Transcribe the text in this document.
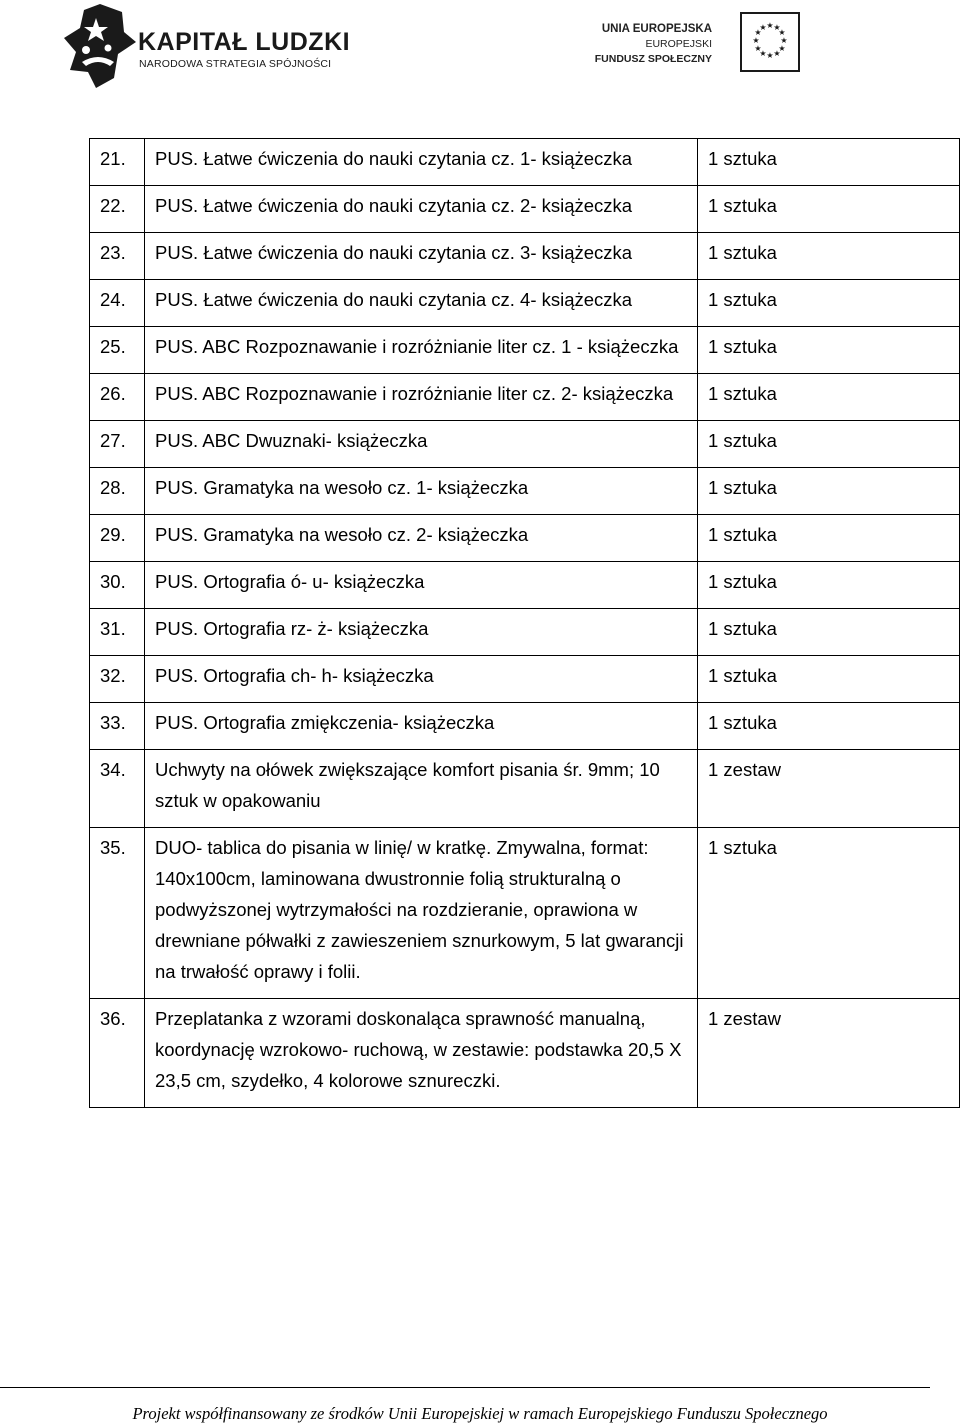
KAPITAŁ LUDZKI
NARODOWA STRATEGIA SPÓJNOŚCI
UNIA EUROPEJSKA
EUROPEJSKI
FUNDUSZ SPOŁECZNY
★ ★
★
★
★
★
★
★
★
★
★
★
21.	PUS. Łatwe ćwiczenia do nauki czytania cz. 1- książeczka	1 sztuka
22.	PUS. Łatwe ćwiczenia do nauki czytania cz. 2- książeczka	1 sztuka
23.	PUS. Łatwe ćwiczenia do nauki czytania cz. 3- książeczka	1 sztuka
24.	PUS. Łatwe ćwiczenia do nauki czytania cz. 4- książeczka	1 sztuka
25.	PUS. ABC Rozpoznawanie i rozróżnianie liter cz. 1 - książeczka	1 sztuka
26.	PUS. ABC Rozpoznawanie i rozróżnianie liter cz. 2- książeczka	1 sztuka
27.	PUS. ABC Dwuznaki- książeczka	1 sztuka
28.	PUS. Gramatyka na wesoło cz. 1- książeczka	1 sztuka
29.	PUS. Gramatyka na wesoło cz. 2- książeczka	1 sztuka
30.	PUS. Ortografia ó- u- książeczka	1 sztuka
31.	PUS. Ortografia rz- ż- książeczka	1 sztuka
32.	PUS. Ortografia ch- h- książeczka	1 sztuka
33.	PUS. Ortografia zmiękczenia- książeczka	1 sztuka
34.	Uchwyty na ołówek zwiększające komfort pisania śr. 9mm; 10 sztuk w opakowaniu	1 zestaw
35.	DUO- tablica do pisania w linię/ w kratkę. Zmywalna, format: 140x100cm, laminowana dwustronnie folią strukturalną o podwyższonej wytrzymałości na rozdzieranie, oprawiona w drewniane półwałki z zawieszeniem sznurkowym, 5 lat gwarancji na trwałość oprawy i folii.	1 sztuka
36.	Przeplatanka z wzorami doskonaląca sprawność manualną, koordynację wzrokowo- ruchową, w zestawie: podstawka 20,5 X 23,5 cm, szydełko, 4 kolorowe sznureczki.	1 zestaw
Projekt współfinansowany ze środków Unii Europejskiej w ramach Europejskiego Funduszu Społecznego
